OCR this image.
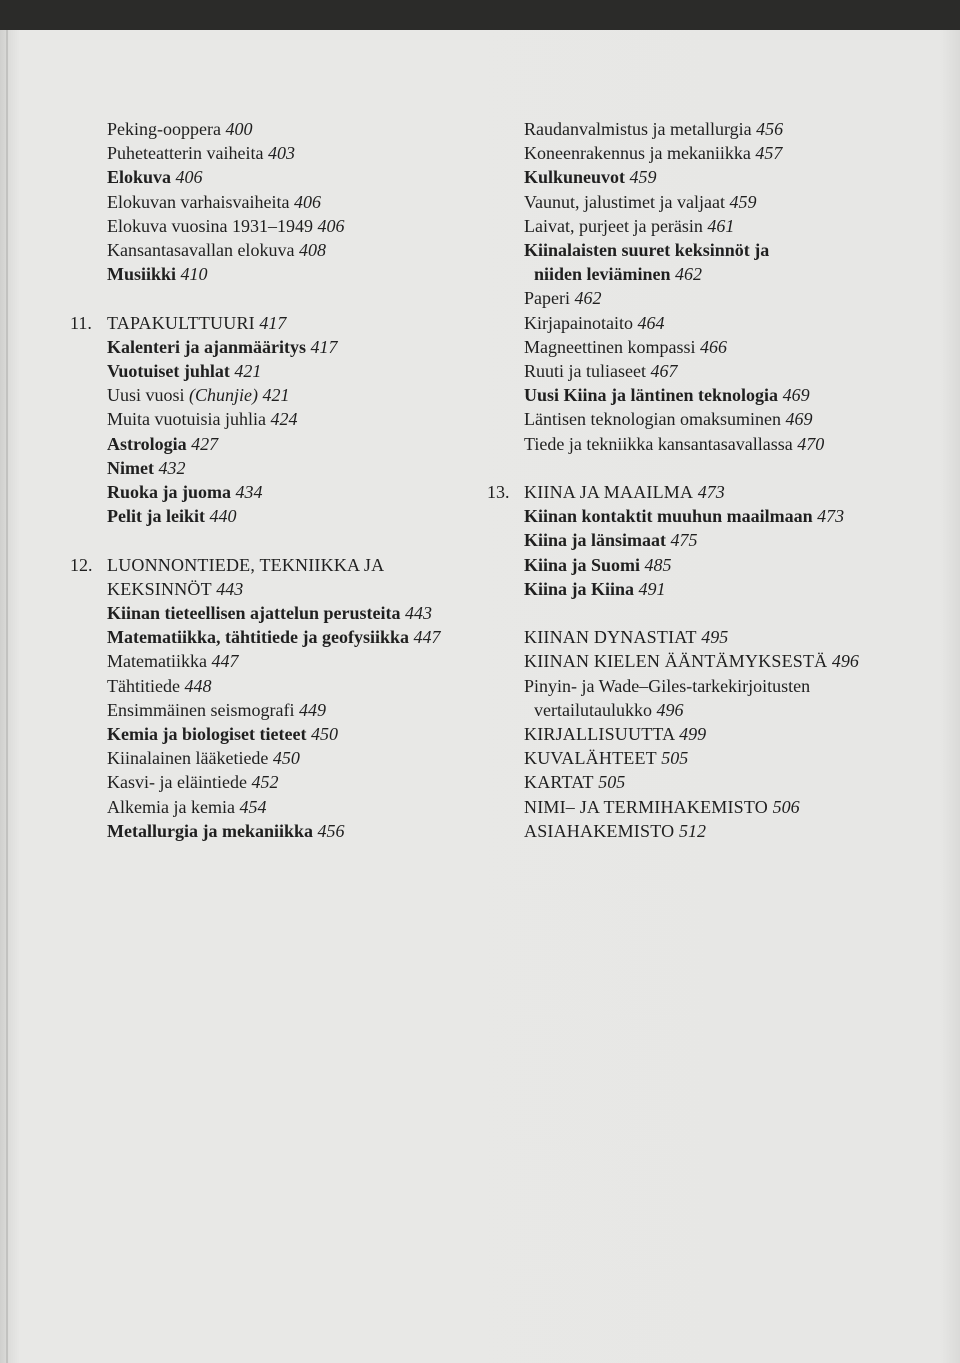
Peking-ooppera 400
Puheteatterin vaiheita 403
Elokuva 406
Elokuvan varhaisvaiheita 406
Elokuva vuosina 1931–1949 406
Kansantasavallan elokuva 408
Musiikki 410
11. TAPAKULTTUURI 417
Kalenteri ja ajanmääritys 417
Vuotuiset juhlat 421
Uusi vuosi (Chunjie) 421
Muita vuotuisia juhlia 424
Astrologia 427
Nimet 432
Ruoka ja juoma 434
Pelit ja leikit 440
12. LUONNONTIEDE, TEKNIIKKA JA
KEKSINNÖT 443
Kiinan tieteellisen ajattelun perusteita 443
Matematiikka, tähtitiede ja geofysiikka 447
Matematiikka 447
Tähtitiede 448
Ensimmäinen seismografi 449
Kemia ja biologiset tieteet 450
Kiinalainen lääketiede 450
Kasvi- ja eläintiede 452
Alkemia ja kemia 454
Metallurgia ja mekaniikka 456
Raudanvalmistus ja metallurgia 456
Koneenrakennus ja mekaniikka 457
Kulkuneuvot 459
Vaunut, jalustimet ja valjaat 459
Laivat, purjeet ja peräsin 461
Kiinalaisten suuret keksinnöt ja
niiden leviäminen 462
Paperi 462
Kirjapainotaito 464
Magneettinen kompassi 466
Ruuti ja tuliaseet 467
Uusi Kiina ja läntinen teknologia 469
Läntisen teknologian omaksuminen 469
Tiede ja tekniikka kansantasavallassa 470
13. KIINA JA MAAILMA 473
Kiinan kontaktit muuhun maailmaan 473
Kiina ja länsimaat 475
Kiina ja Suomi 485
Kiina ja Kiina 491
KIINAN DYNASTIAT 495
KIINAN KIELEN ÄÄNTÄMYKSESTÄ 496
Pinyin- ja Wade–Giles-tarkekirjoitusten
vertailutaulukko 496
KIRJALLISUUTTA 499
KUVALÄHTEET 505
KARTAT 505
NIMI– JA TERMIHAKEMISTO 506
ASIAHAKEMISTO 512
